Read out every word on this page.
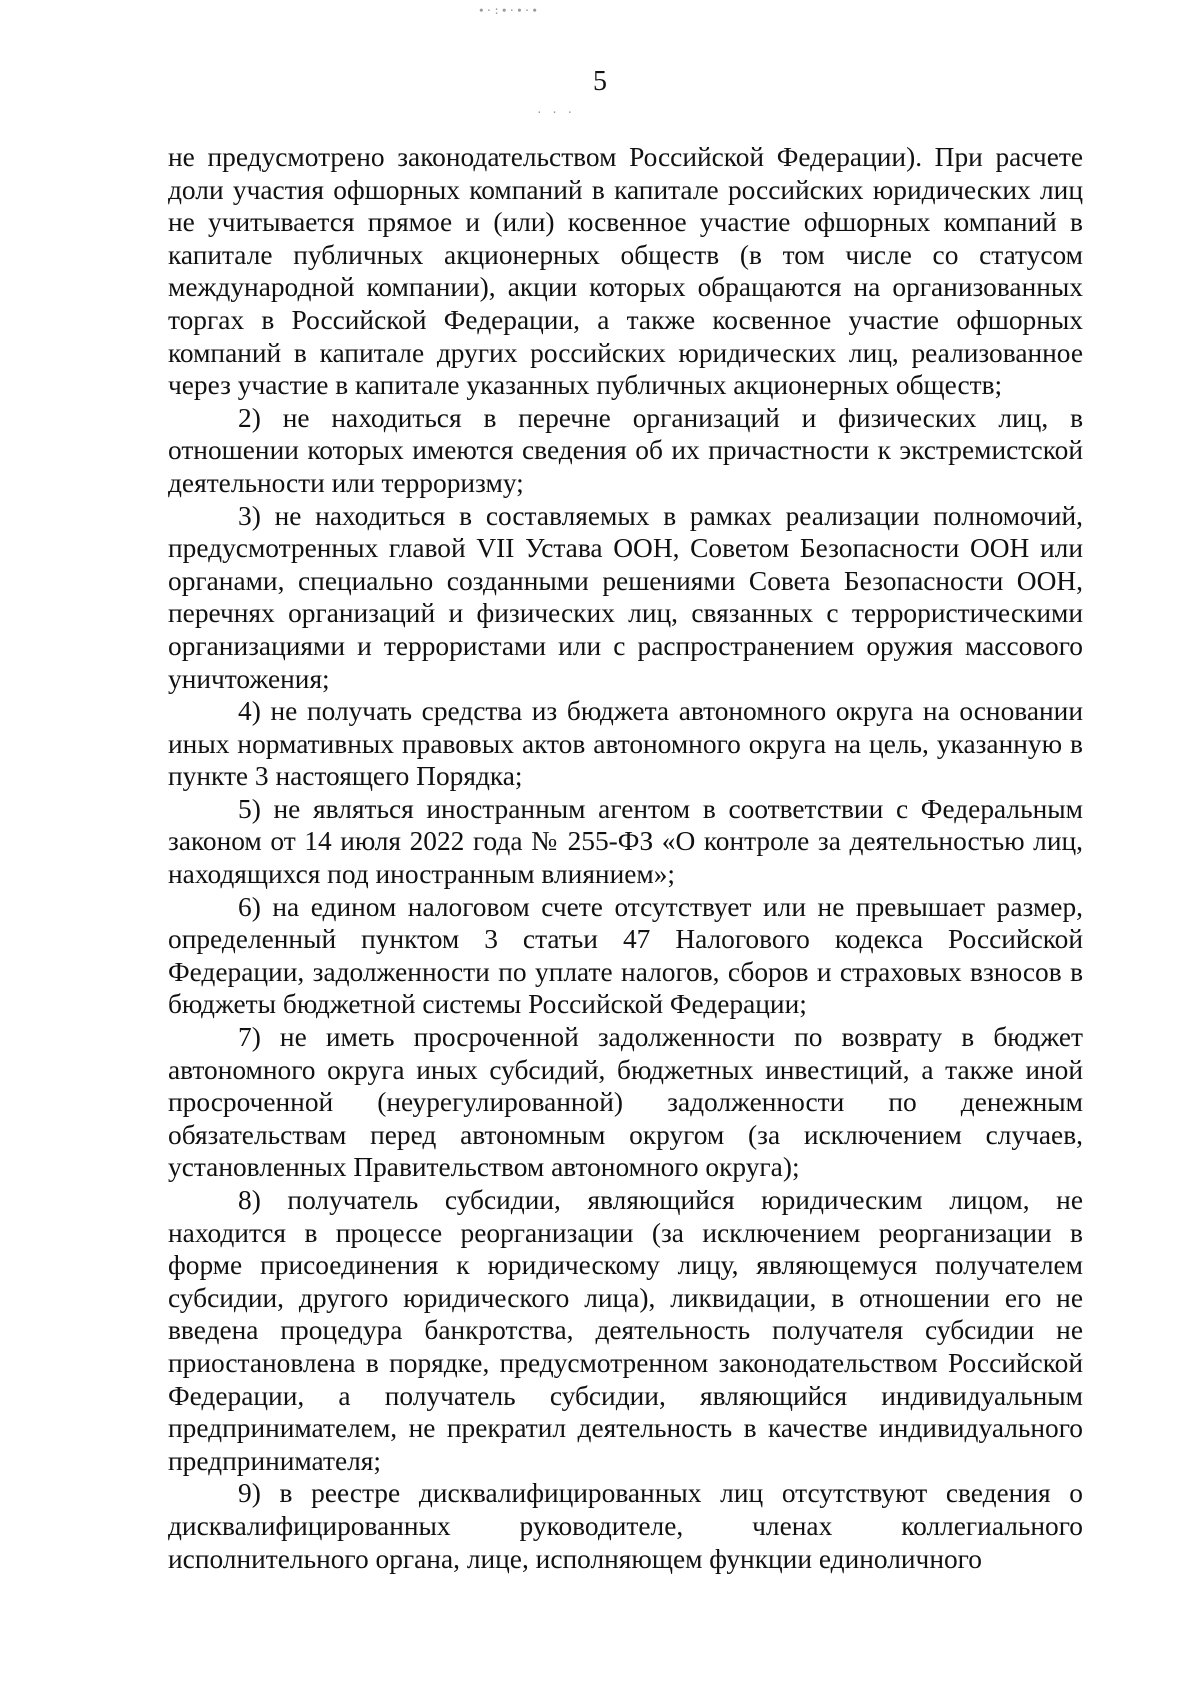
∙·:∙·∙·∙
· · ·
5

не предусмотрено законодательством Российской Федерации). При расчете доли участия офшорных компаний в капитале российских юридических лиц не учитывается прямое и (или) косвенное участие офшорных компаний в капитале публичных акционерных обществ (в том числе со статусом международной компании), акции которых обращаются на организованных торгах в Российской Федерации, а также косвенное участие офшорных компаний в капитале других российских юридических лиц, реализованное через участие в капитале указанных публичных акционерных обществ;

2) не находиться в перечне организаций и физических лиц, в отношении которых имеются сведения об их причастности к экстремистской деятельности или терроризму;

3) не находиться в составляемых в рамках реализации полномочий, предусмотренных главой VII Устава ООН, Советом Безопасности ООН или органами, специально созданными решениями Совета Безопасности ООН, перечнях организаций и физических лиц, связанных с террористическими организациями и террористами или с распространением оружия массового уничтожения;

4) не получать средства из бюджета автономного округа на основании иных нормативных правовых актов автономного округа на цель, указанную в пункте 3 настоящего Порядка;

5) не являться иностранным агентом в соответствии с Федеральным законом от 14 июля 2022 года № 255-ФЗ «О контроле за деятельностью лиц, находящихся под иностранным влиянием»;

6) на едином налоговом счете отсутствует или не превышает размер, определенный пунктом 3 статьи 47 Налогового кодекса Российской Федерации, задолженности по уплате налогов, сборов и страховых взносов в бюджеты бюджетной системы Российской Федерации;

7) не иметь просроченной задолженности по возврату в бюджет автономного округа иных субсидий, бюджетных инвестиций, а также иной просроченной (неурегулированной) задолженности по денежным обязательствам перед автономным округом (за исключением случаев, установленных Правительством автономного округа);

8) получатель субсидии, являющийся юридическим лицом, не находится в процессе реорганизации (за исключением реорганизации в форме присоединения к юридическому лицу, являющемуся получателем субсидии, другого юридического лица), ликвидации, в отношении его не введена процедура банкротства, деятельность получателя субсидии не приостановлена в порядке, предусмотренном законодательством Российской Федерации, а получатель субсидии, являющийся индивидуальным предпринимателем, не прекратил деятельность в качестве индивидуального предпринимателя;

9) в реестре дисквалифицированных лиц отсутствуют сведения о дисквалифицированных руководителе, членах коллегиального исполнительного органа, лице, исполняющем функции единоличного
